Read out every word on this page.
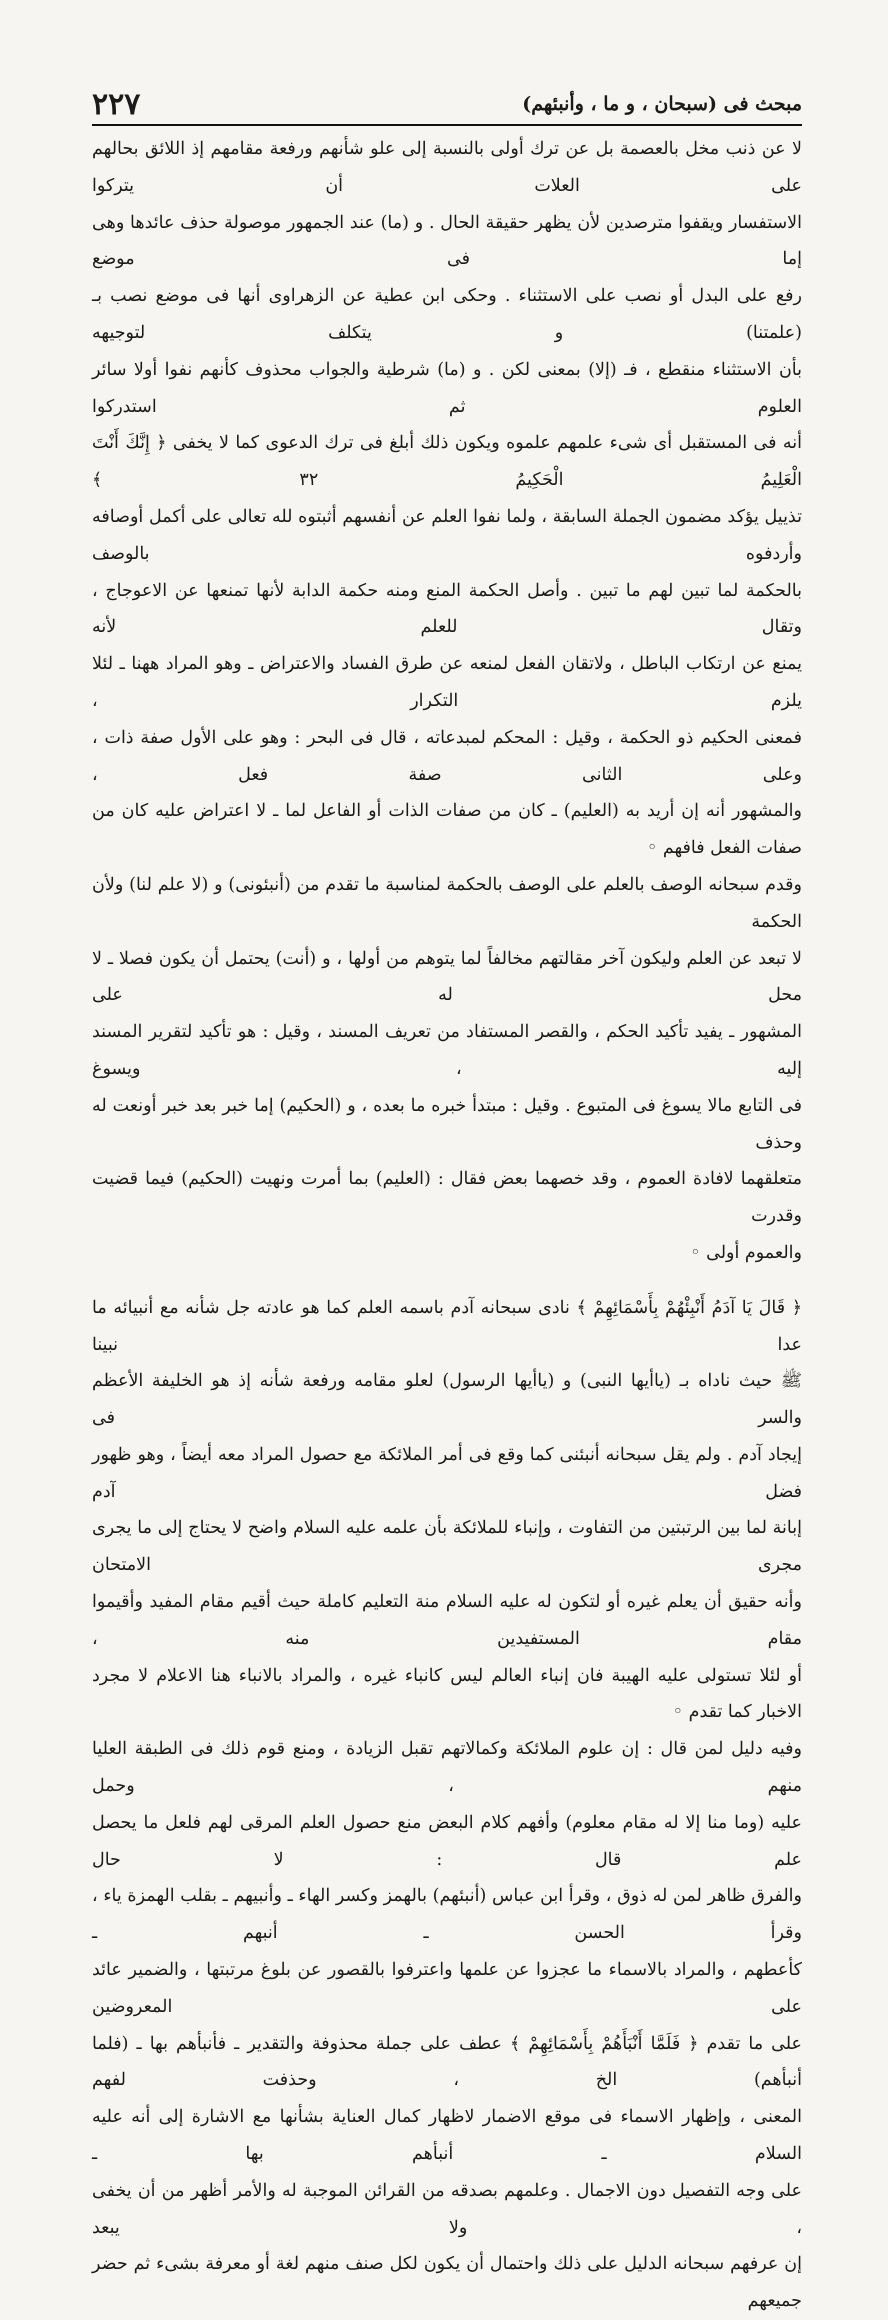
مبحث فى (سبحان ، و ما ، وأنبئهم)
٢٢٧

لا عن ذنب مخل بالعصمة بل عن ترك أولى بالنسبة إلى علو شأنهم ورفعة مقامهم إذ اللائق بحالهم على العلات أن يتركوا

الاستفسار ويقفوا مترصدين لأن يظهر حقيقة الحال . و (ما) عند الجمهور موصولة حذف عائدها وهى إما فى موضع

رفع على البدل أو نصب على الاستثناء . وحكى ابن عطية عن الزهراوى أنها فى موضع نصب بـ (علمتنا) و يتكلف لتوجيهه

بأن الاستثناء منقطع ، فـ (إلا) بمعنى لكن . و (ما) شرطية والجواب محذوف كأنهم نفوا أولا سائر العلوم ثم استدركوا

أنه فى المستقبل أى شىء علمهم علموه ويكون ذلك أبلغ فى ترك الدعوى كما لا يخفى ﴿ إِنَّكَ أَنْتَ الْعَلِيمُ الْحَكِيمُ ٣٢ ﴾

تذييل يؤكد مضمون الجملة السابقة ، ولما نفوا العلم عن أنفسهم أثبتوه لله تعالى على أكمل أوصافه وأردفوه بالوصف

بالحكمة لما تبين لهم ما تبين . وأصل الحكمة المنع ومنه حكمة الدابة لأنها تمنعها عن الاعوجاج ، وتقال للعلم لأنه

يمنع عن ارتكاب الباطل ، ولاتقان الفعل لمنعه عن طرق الفساد والاعتراض ـ وهو المراد ههنا ـ لئلا يلزم التكرار ،

فمعنى الحكيم ذو الحكمة ، وقيل : المحكم لمبدعاته ، قال فى البحر : وهو على الأول صفة ذات ، وعلى الثانى صفة فعل ،

والمشهور أنه إن أريد به (العليم) ـ كان من صفات الذات أو الفاعل لما ـ لا اعتراض عليه كان من صفات الفعل فافهم ◦

وقدم سبحانه الوصف بالعلم على الوصف بالحكمة لمناسبة ما تقدم من (أنبئونى) و (لا علم لنا) ولأن الحكمة

لا تبعد عن العلم وليكون آخر مقالتهم مخالفاً لما يتوهم من أولها ، و (أنت) يحتمل أن يكون فصلا ـ لا محل له على

المشهور ـ يفيد تأكيد الحكم ، والقصر المستفاد من تعريف المسند ، وقيل : هو تأكيد لتقرير المسند إليه ، ويسوغ

فى التابع مالا يسوغ فى المتبوع . وقيل : مبتدأ خبره ما بعده ، و (الحكيم) إما خبر بعد خبر أونعت له وحذف

متعلقهما لافادة العموم ، وقد خصهما بعض فقال : (العليم) بما أمرت ونهيت (الحكيم) فيما قضيت وقدرت

والعموم أولى ◦

﴿ قَالَ يَا آدَمُ أَنْبِئْهُمْ بِأَسْمَائِهِمْ ﴾ نادى سبحانه آدم باسمه العلم كما هو عادته جل شأنه مع أنبيائه ما عدا نبينا

ﷺ حيث ناداه بـ (ياأيها النبى) و (ياأيها الرسول) لعلو مقامه ورفعة شأنه إذ هو الخليفة الأعظم والسر فى

إيجاد آدم . ولم يقل سبحانه أنبئنى كما وقع فى أمر الملائكة مع حصول المراد معه أيضاً ، وهو ظهور فضل آدم

إبانة لما بين الرتبتين من التفاوت ، وإنباء للملائكة بأن علمه عليه السلام واضح لا يحتاج إلى ما يجرى مجرى الامتحان

وأنه حقيق أن يعلم غيره أو لتكون له عليه السلام منة التعليم كاملة حيث أقيم مقام المفيد وأقيموا مقام المستفيدين منه ،

أو لئلا تستولى عليه الهيبة فان إنباء العالم ليس كانباء غيره ، والمراد بالانباء هنا الاعلام لا مجرد الاخبار كما تقدم ◦

وفيه دليل لمن قال : إن علوم الملائكة وكمالاتهم تقبل الزيادة ، ومنع قوم ذلك فى الطبقة العليا منهم ، وحمل

عليه (وما منا إلا له مقام معلوم) وأفهم كلام البعض منع حصول العلم المرقى لهم فلعل ما يحصل علم قال : لا حال

والفرق ظاهر لمن له ذوق ، وقرأ ابن عباس (أنبئهم) بالهمز وكسر الهاء ـ وأنبيهم ـ بقلب الهمزة ياء ، وقرأ الحسن ـ أنبهم ـ

كأعطهم ، والمراد بالاسماء ما عجزوا عن علمها واعترفوا بالقصور عن بلوغ مرتبتها ، والضمير عائد على المعروضين

على ما تقدم ﴿ فَلَمَّا أَنْبَأَهُمْ بِأَسْمَائِهِمْ ﴾ عطف على جملة محذوفة والتقدير ـ فأنبأهم بها ـ (فلما أنبأهم) الخ ، وحذفت لفهم

المعنى ، وإظهار الاسماء فى موقع الاضمار لاظهار كمال العناية بشأنها مع الاشارة إلى أنه عليه السلام ـ أنبأهم بها ـ

على وجه التفصيل دون الاجمال . وعلمهم بصدقه من القرائن الموجبة له والأمر أظهر من أن يخفى ، ولا يبعد

إن عرفهم سبحانه الدليل على ذلك واحتمال أن يكون لكل صنف منهم لغة أو معرفة بشىء ثم حضر جميعهم
